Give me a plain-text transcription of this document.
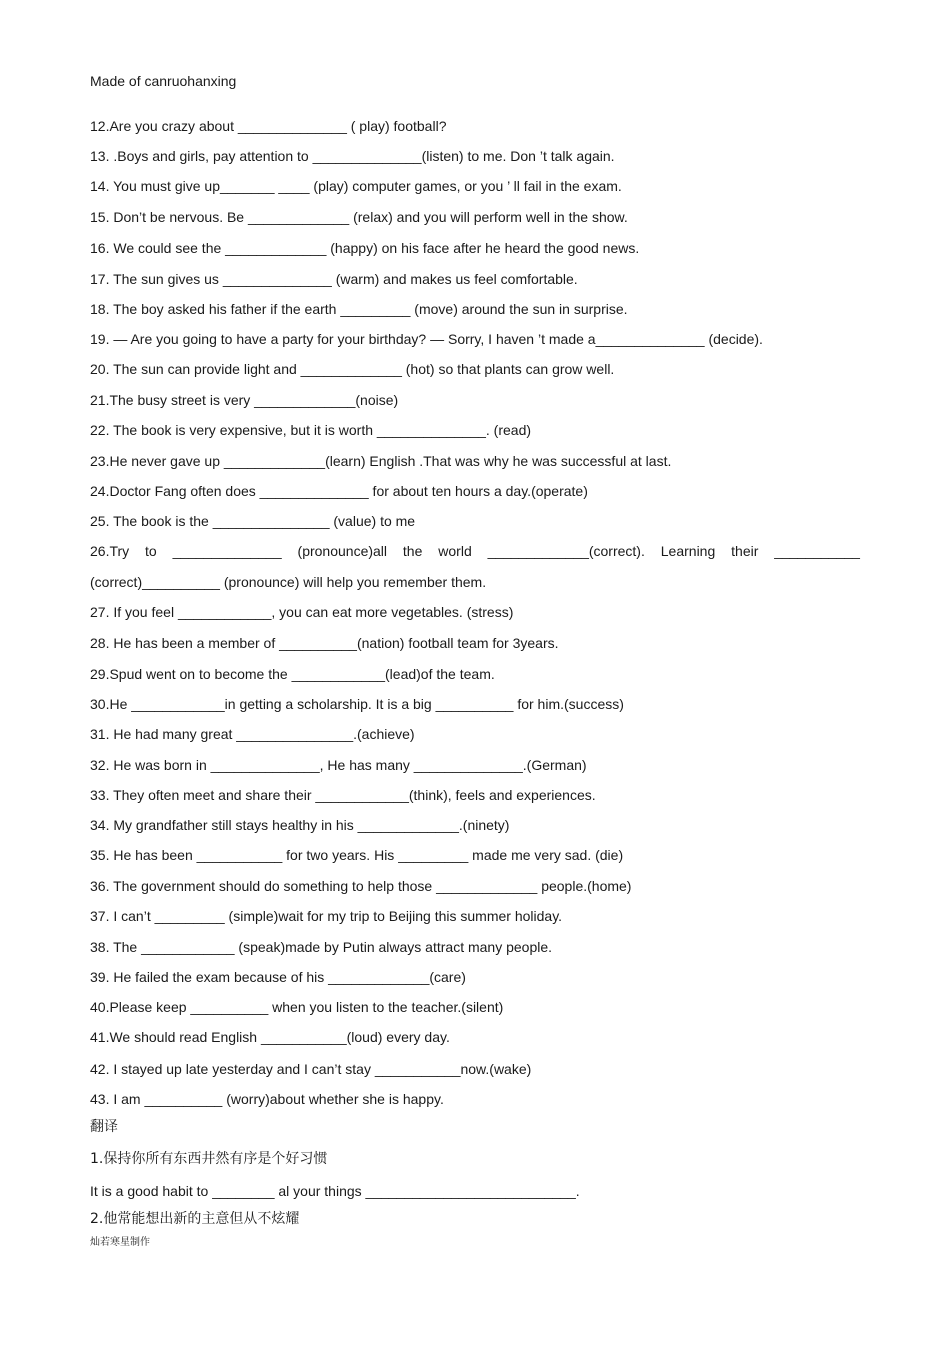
Made of canruohanxing
12.Are you crazy about ______________ ( play) football?
13. .Boys and girls, pay attention to ______________(listen) to me. Don ’t talk again.
14. You must give up_______ ____ (play) computer games, or you ’ ll fail in the exam.
15. Don’t be nervous. Be _____________ (relax) and you will perform well in the show.
16. We could see the _____________ (happy) on his face after he heard the good news.
17. The sun gives us ______________ (warm) and makes us feel comfortable.
18. The boy asked his father if the earth _________ (move) around the sun in surprise.
19. — Are you going to have a party for your birthday? — Sorry, I haven ’t made a______________ (decide).
20. The sun can provide light and _____________ (hot) so that plants can grow well.
21.The busy street is very _____________(noise)
22. The book is very expensive, but it is worth ______________. (read)
23.He never gave up _____________(learn) English .That was why he was successful at last.
24.Doctor Fang often does ______________ for about ten hours a day.(operate)
25. The book is the _______________ (value) to me
26.Try to ______________ (pronounce)all the world _____________(correct). Learning their ___________
(correct)__________ (pronounce) will help you remember them.
27. If you feel ____________, you can eat more vegetables. (stress)
28. He has been a member of __________(nation) football team for 3years.
29.Spud went on to become the ____________(lead)of the team.
30.He ____________in getting a scholarship. It is a big __________ for him.(success)
31. He had many great _______________.(achieve)
32. He was born in ______________, He has many ______________.(German)
33. They often meet and share their ____________(think), feels and experiences.
34. My grandfather still stays healthy in his _____________.(ninety)
35. He has been ___________ for two years. His _________ made me very sad. (die)
36. The government should do something to help those _____________ people.(home)
37. I can’t _________ (simple)wait for my trip to Beijing this summer holiday.
38. The ____________ (speak)made by Putin always attract many people.
39. He failed the exam because of his _____________(care)
40.Please keep __________ when you listen to the teacher.(silent)
41.We should read English ___________(loud) every day.
42. I stayed up late yesterday and I can’t stay ___________now.(wake)
43. I am __________ (worry)about whether she is happy.
翻译
1.保持你所有东西井然有序是个好习惯
It is a good habit to ________ al your things ___________________________.
2.他常能想出新的主意但从不炫耀
灿若寒星制作
